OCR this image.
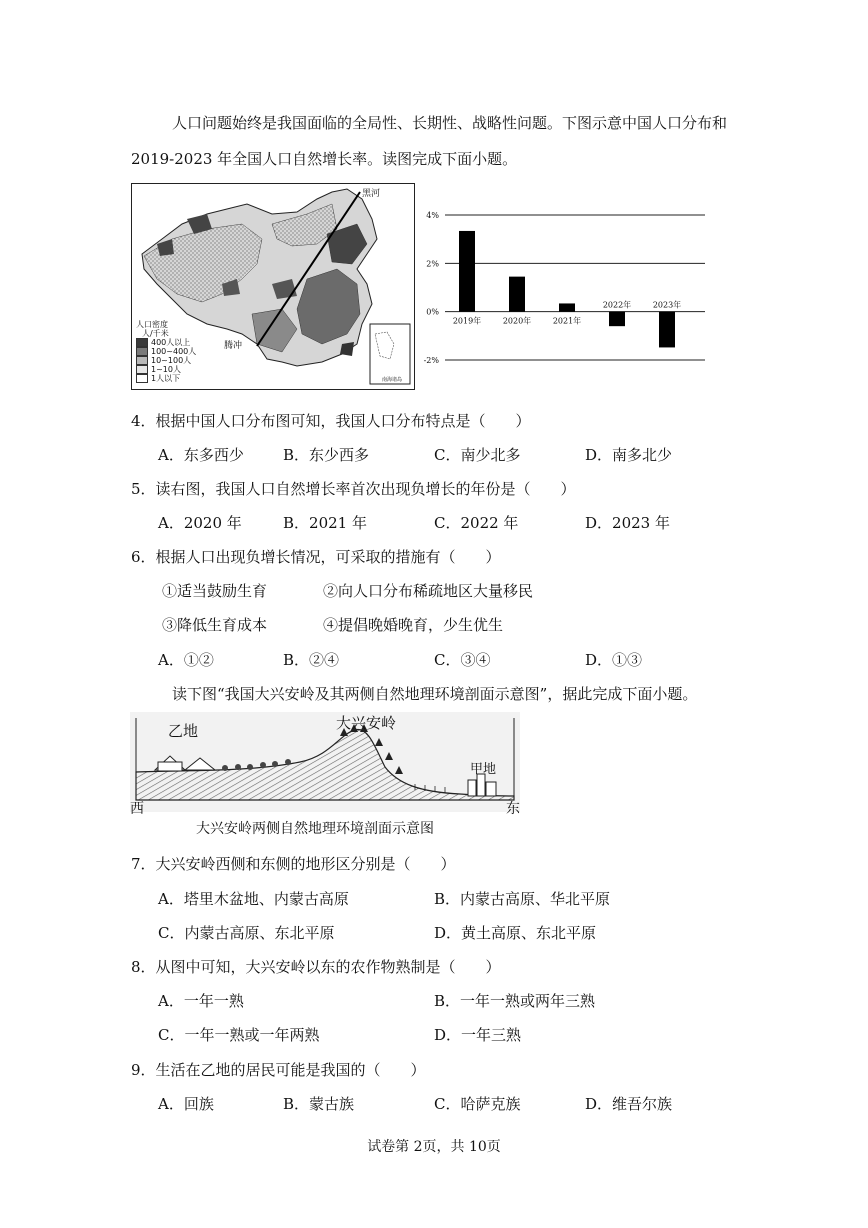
人口问题始终是我国面临的全局性、长期性、战略性问题。下图示意中国人口分布和
2019-2023 年全国人口自然增长率。读图完成下面小题。
黑河
腾冲
南海诸岛
人口密度
人/千米
400人以上
100~400人
10~100人
1~10人
1人以下
4%
2%
0%
-2%
2019年	2020年	2021年
2022年	2023年
4．根据中国人口分布图可知，我国人口分布特点是（　　）
A．东多西少	B．东少西多	C．南少北多	D．南多北少
5．读右图，我国人口自然增长率首次出现负增长的年份是（　　）
A．2020 年	B．2021 年	C．2022 年	D．2023 年
6．根据人口出现负增长情况，可采取的措施有（　　）
①适当鼓励生育	②向人口分布稀疏地区大量移民
③降低生育成本	④提倡晚婚晚育，少生优生
A．①②	B．②④	C．③④	D．①③
读下图“我国大兴安岭及其两侧自然地理环境剖面示意图”，据此完成下面小题。
乙地	大兴安岭
甲地
西	东
大兴安岭两侧自然地理环境剖面示意图
7．大兴安岭西侧和东侧的地形区分别是（　　）
A．塔里木盆地、内蒙古高原	B．内蒙古高原、华北平原
C．内蒙古高原、东北平原	D．黄土高原、东北平原
8．从图中可知，大兴安岭以东的农作物熟制是（　　）
A．一年一熟	B．一年一熟或两年三熟
C．一年一熟或一年两熟	D．一年三熟
9．生活在乙地的居民可能是我国的（　　）
A．回族	B．蒙古族	C．哈萨克族	D．维吾尔族
试卷第 2页，共 10页
